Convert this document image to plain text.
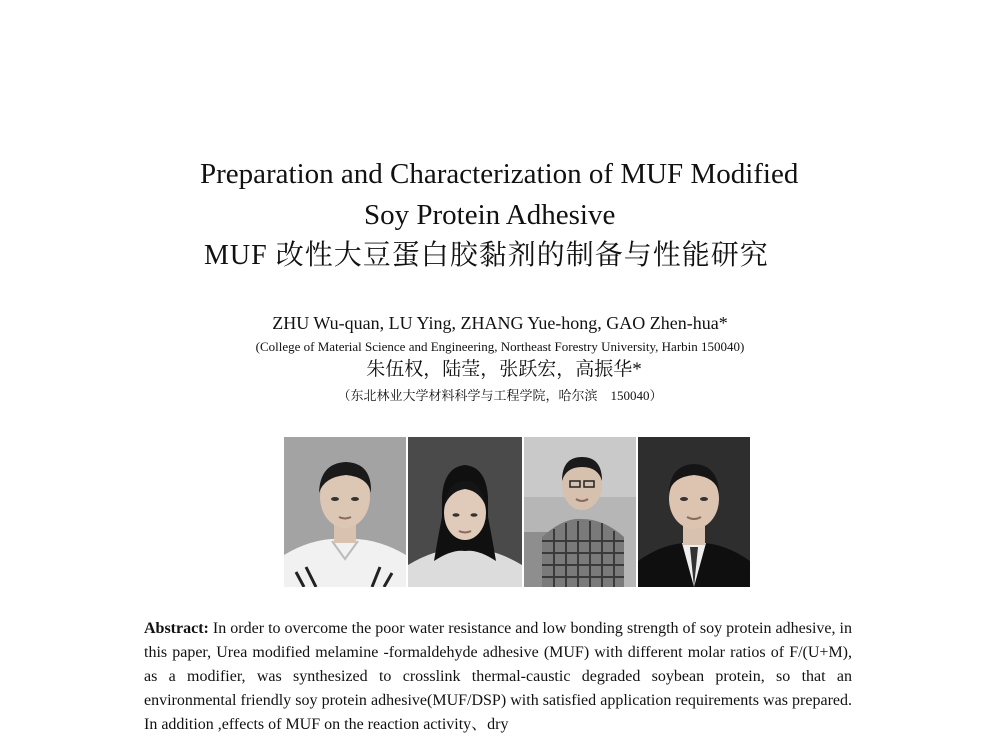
Preparation and Characterization of MUF Modified
Soy Protein Adhesive
MUF 改性大豆蛋白胶黏剂的制备与性能研究
ZHU Wu-quan, LU Ying, ZHANG Yue-hong, GAO Zhen-hua*
(College of Material Science and Engineering, Northeast Forestry University, Harbin 150040)
朱伍权，陆莹，张跃宏，高振华*
（东北林业大学材料科学与工程学院，哈尔滨　150040）

Abstract: In order to overcome the poor water resistance and low bonding strength of soy protein adhesive, in this paper, Urea modified melamine -formaldehyde adhesive (MUF) with different molar ratios of F/(U+M), as a modifier, was synthesized to crosslink thermal-caustic degraded soybean protein, so that an environmental friendly soy protein adhesive(MUF/DSP) with satisfied application requirements was prepared. In addition ,effects of MUF on the reaction activity、dry
